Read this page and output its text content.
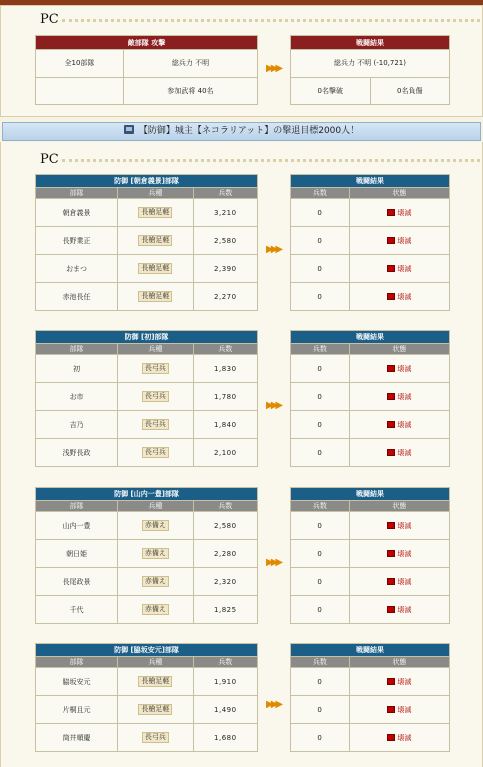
PC
敵部隊 攻撃	
全10部隊	総兵力 不明
	参加武将 40名
▶▶▶
戦闘結果
総兵力 不明 (-10,721)
0名撃破	0名負傷
【防御】城主【ネコラリアット】の撃退目標2000人！
PC
防御 [朝倉義景]部隊		
部隊	兵種	兵数
朝倉義景	長槍足軽	3,210
長野業正	長槍足軽	2,580
おまつ	長槍足軽	2,390
赤池長任	長槍足軽	2,270
▶▶▶
戦闘結果	
兵数	状態
0	壊滅
0	壊滅
0	壊滅
0	壊滅
防御 [初]部隊		
部隊	兵種	兵数
初	長弓兵	1,830
お市	長弓兵	1,780
吉乃	長弓兵	1,840
浅野長政	長弓兵	2,100
▶▶▶
戦闘結果	
兵数	状態
0	壊滅
0	壊滅
0	壊滅
0	壊滅
防御 [山内一豊]部隊		
部隊	兵種	兵数
山内一豊	赤備え	2,580
朝日姫	赤備え	2,280
長尾政景	赤備え	2,320
千代	赤備え	1,825
▶▶▶
戦闘結果	
兵数	状態
0	壊滅
0	壊滅
0	壊滅
0	壊滅
防御 [脇坂安元]部隊		
部隊	兵種	兵数
脇坂安元	長槍足軽	1,910
片桐且元	長槍足軽	1,490
筒井順慶	長弓兵	1,680
▶▶▶
戦闘結果	
兵数	状態
0	壊滅
0	壊滅
0	壊滅
